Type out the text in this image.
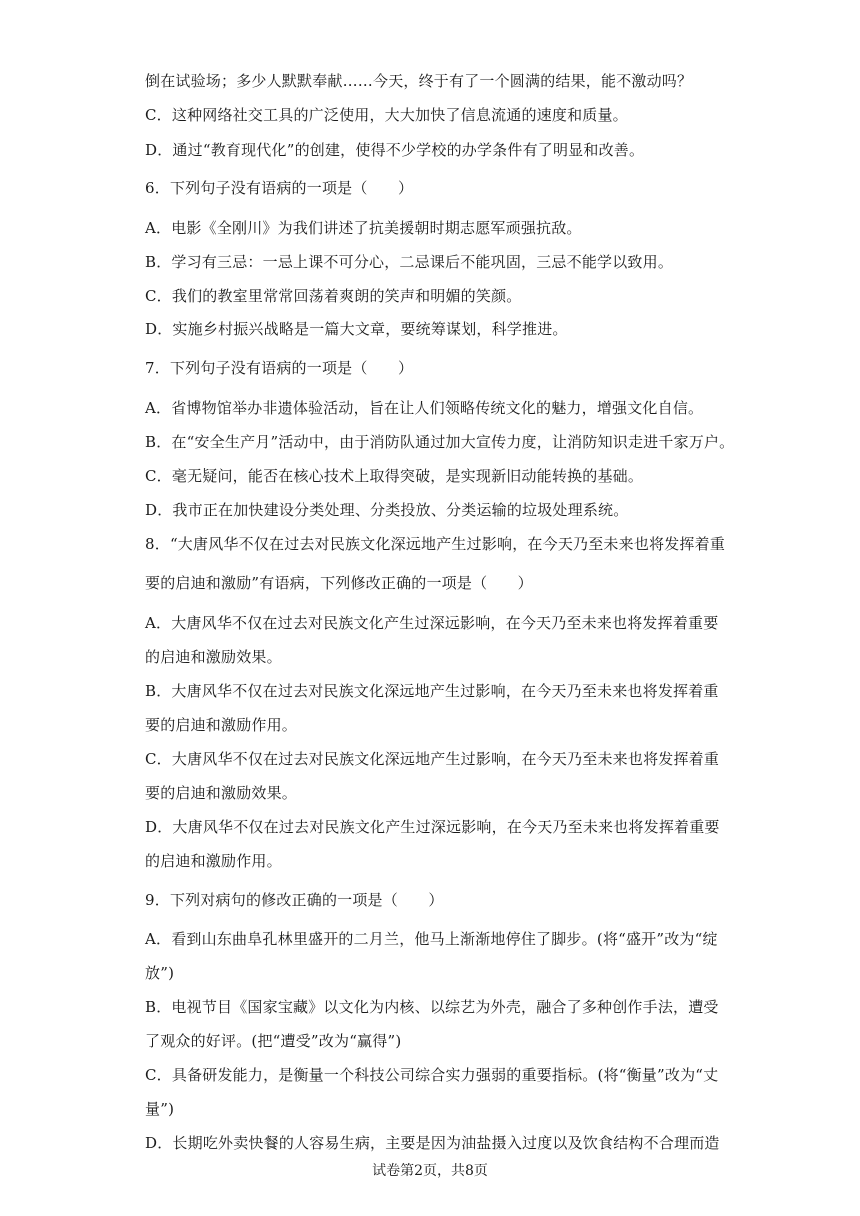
倒在试验场；多少人默默奉献……今天，终于有了一个圆满的结果，能不激动吗？
C．这种网络社交工具的广泛使用，大大加快了信息流通的速度和质量。
D．通过“教育现代化”的创建，使得不少学校的办学条件有了明显和改善。
6．下列句子没有语病的一项是（　　）
A．电影《全刚川》为我们讲述了抗美援朝时期志愿军顽强抗敌。
B．学习有三忌：一忌上课不可分心，二忌课后不能巩固，三忌不能学以致用。
C．我们的教室里常常回荡着爽朗的笑声和明媚的笑颜。
D．实施乡村振兴战略是一篇大文章，要统筹谋划，科学推进。
7．下列句子没有语病的一项是（　　）
A．省博物馆举办非遗体验活动，旨在让人们领略传统文化的魅力，增强文化自信。
B．在“安全生产月”活动中，由于消防队通过加大宣传力度，让消防知识走进千家万户。
C．毫无疑问，能否在核心技术上取得突破，是实现新旧动能转换的基础。
D．我市正在加快建设分类处理、分类投放、分类运输的垃圾处理系统。
8．“大唐风华不仅在过去对民族文化深远地产生过影响，在今天乃至未来也将发挥着重
要的启迪和激励”有语病，下列修改正确的一项是（　　）
A．大唐风华不仅在过去对民族文化产生过深远影响，在今天乃至未来也将发挥着重要
的启迪和激励效果。
B．大唐风华不仅在过去对民族文化深远地产生过影响，在今天乃至未来也将发挥着重
要的启迪和激励作用。
C．大唐风华不仅在过去对民族文化深远地产生过影响，在今天乃至未来也将发挥着重
要的启迪和激励效果。
D．大唐风华不仅在过去对民族文化产生过深远影响，在今天乃至未来也将发挥着重要
的启迪和激励作用。
9．下列对病句的修改正确的一项是（　　）
A．看到山东曲阜孔林里盛开的二月兰，他马上渐渐地停住了脚步。(将“盛开”改为“绽
放”)
B．电视节目《国家宝藏》以文化为内核、以综艺为外壳，融合了多种创作手法，遭受
了观众的好评。(把“遭受”改为“赢得”)
C．具备研发能力，是衡量一个科技公司综合实力强弱的重要指标。(将“衡量”改为“丈
量”)
D．长期吃外卖快餐的人容易生病，主要是因为油盐摄入过度以及饮食结构不合理而造
试卷第2页，共8页
